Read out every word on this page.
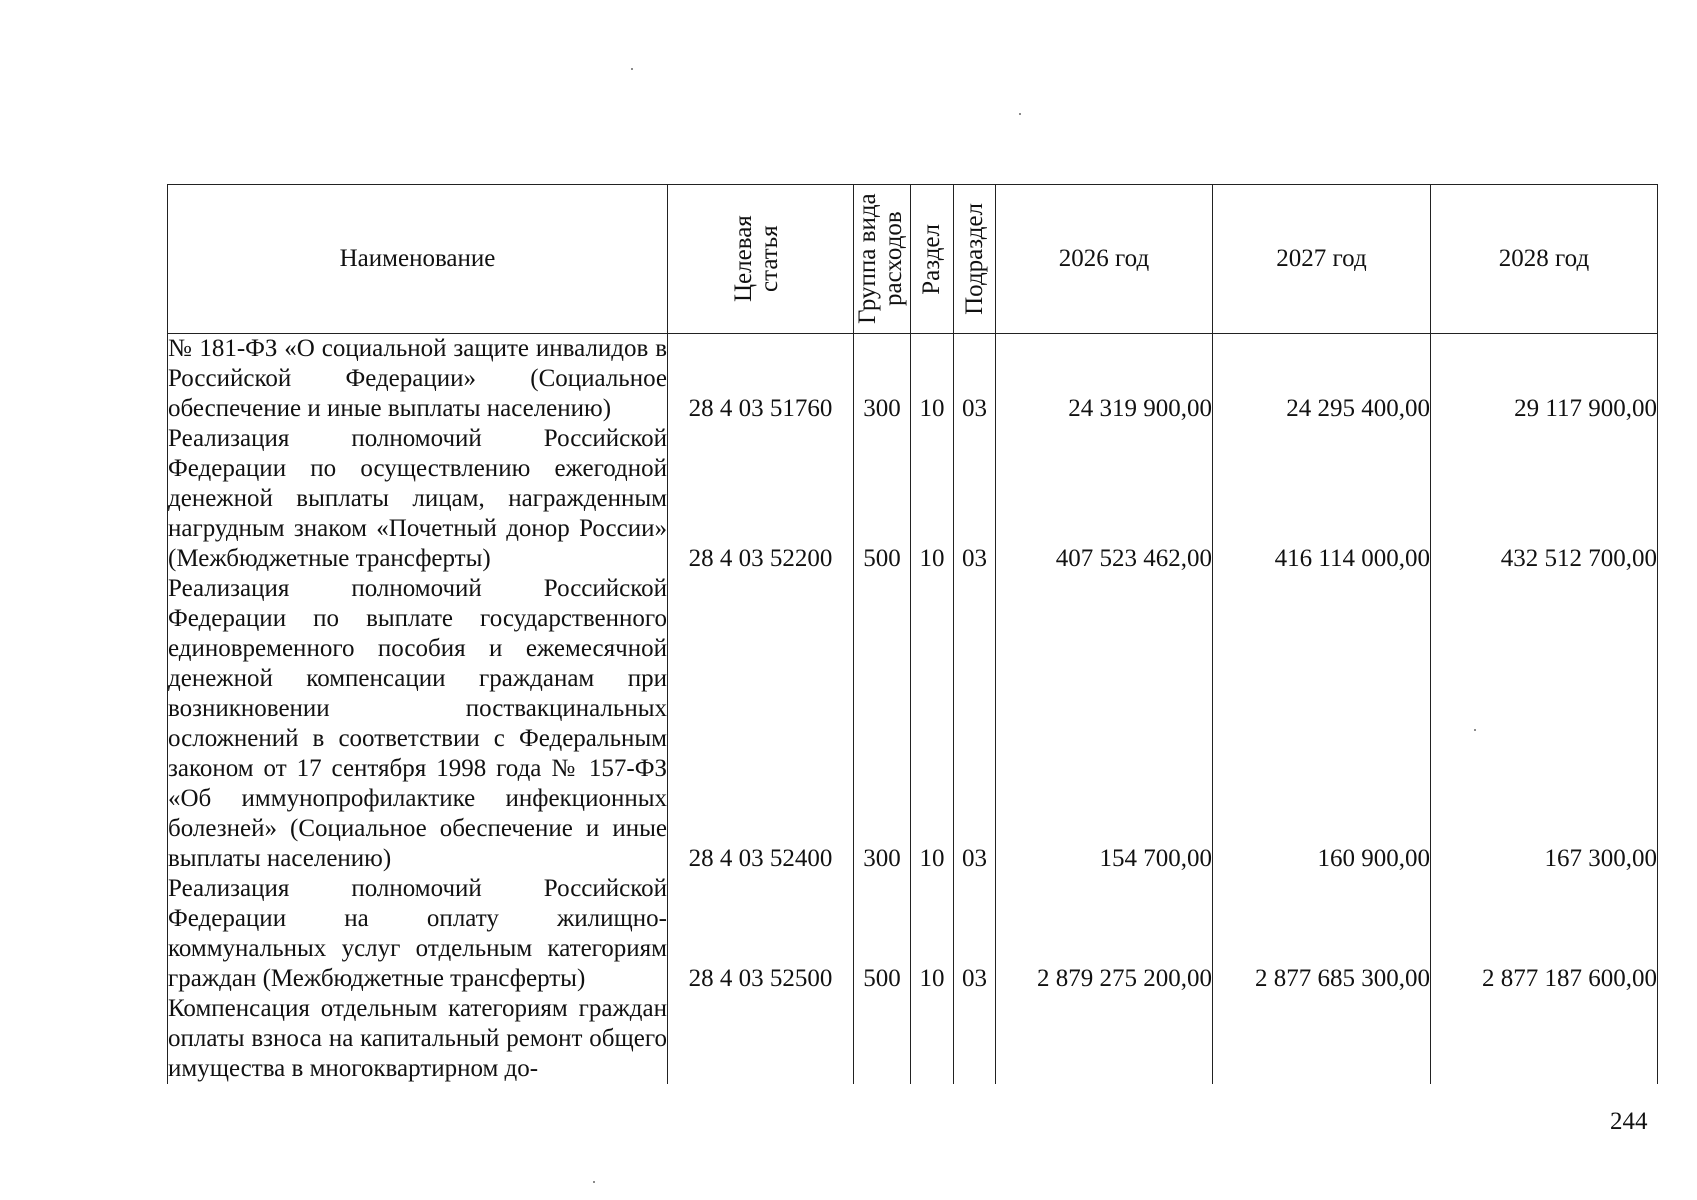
Наименование	Целевая статья	Группа вида расходов	Раздел	Подраздел	2026 год	2027 год	2028 год
№ 181-ФЗ «О социальной защите инвалидов в Российской Федерации» (Социальное обеспечение и иные выплаты населению)	28 4 03 51760	300	10	03	24 319 900,00	24 295 400,00	29 117 900,00
Реализация полномочий Российской Федерации по осуществлению ежегодной денежной выплаты лицам, награжденным нагрудным знаком «Почетный донор России» (Межбюджетные трансферты)	28 4 03 52200	500	10	03	407 523 462,00	416 114 000,00	432 512 700,00
Реализация полномочий Российской Федерации по выплате государственного единовременного пособия и ежемесячной денежной компенсации гражданам при возникновении поствакцинальных осложнений в соответствии с Федеральным законом от 17 сентября 1998 года № 157-ФЗ «Об иммунопрофилактике инфекционных болезней» (Социальное обеспечение и иные выплаты населению)	28 4 03 52400	300	10	03	154 700,00	160 900,00	167 300,00
Реализация полномочий Российской Федерации на оплату жилищно-коммунальных услуг отдельным категориям граждан (Межбюджетные трансферты)	28 4 03 52500	500	10	03	2 879 275 200,00	2 877 685 300,00	2 877 187 600,00
Компенсация отдельным категориям граждан оплаты взноса на капитальный ремонт общего имущества в многоквартирном до-							
244
